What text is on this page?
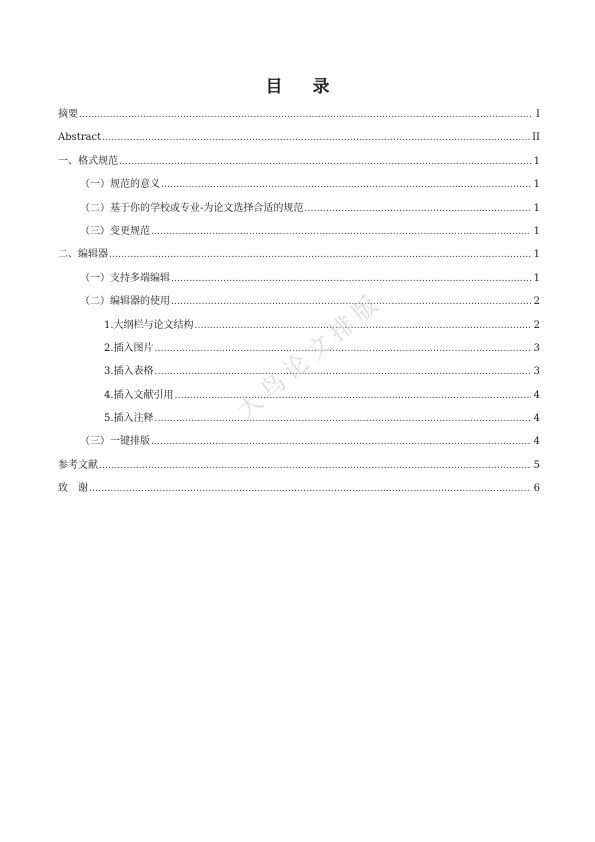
目录
摘要 .....	I
Abstract .....	II
一、格式规范 .....	1
（一）规范的意义 .....	1
（二）基于你的学校或专业-为论文选择合适的规范 .....	1
（三）变更规范 .....	1
二、编辑器 .....	1
（一）支持多端编辑 .....	1
（二）编辑器的使用 .....	2
1.大纲栏与论文结构 .....	2
2.插入图片 .....	3
3.插入表格 .....	3
4.插入文献引用 .....	4
5.插入注释 .....	4
（三）一键排版 .....	4
参考文献 .....	5
致　谢 .....	6
大鸟论文排版
